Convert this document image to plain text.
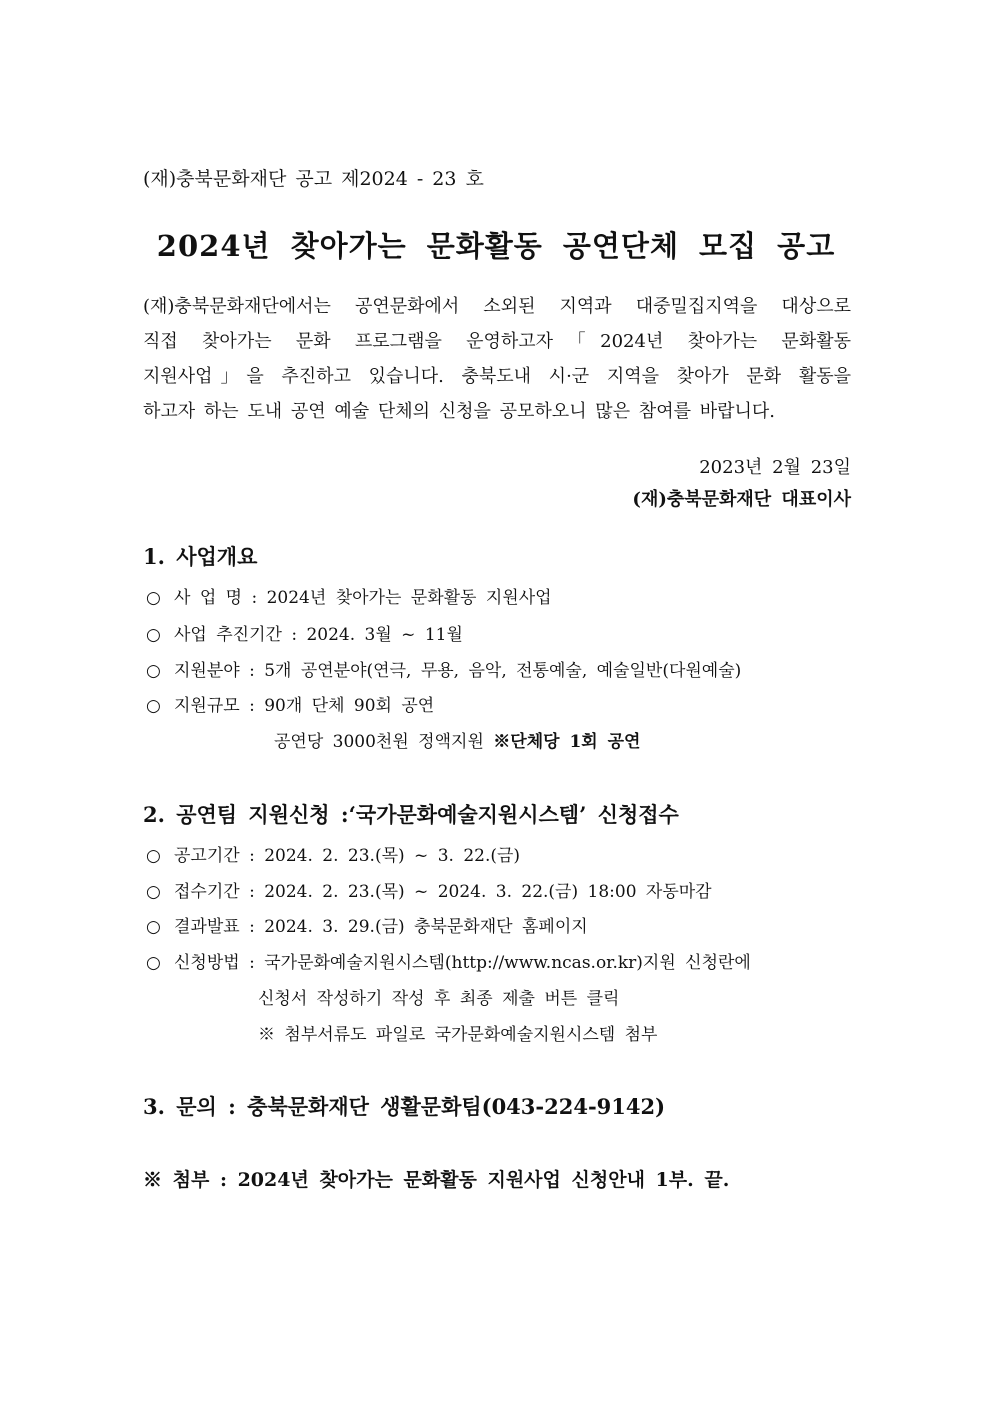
(재)충북문화재단 공고 제2024 - 23 호
2024년 찾아가는 문화활동 공연단체 모집 공고
(재)충북문화재단에서는 공연문화에서 소외된 지역과 대중밀집지역을 대상으로
직접 찾아가는 문화 프로그램을 운영하고자「2024년 찾아가는 문화활동
지원사업」을 추진하고 있습니다. 충북도내 시·군 지역을 찾아가 문화 활동을
하고자 하는 도내 공연 예술 단체의 신청을 공모하오니 많은 참여를 바랍니다.
2023년 2월 23일
(재)충북문화재단 대표이사
1. 사업개요
○ 사 업 명 : 2024년 찾아가는 문화활동 지원사업
○ 사업 추진기간 : 2024. 3월 ~ 11월
○ 지원분야 : 5개 공연분야(연극, 무용, 음악, 전통예술, 예술일반(다원예술)
○ 지원규모 : 90개 단체 90회 공연
공연당 3000천원 정액지원 ※단체당 1회 공연
2. 공연팀 지원신청 :‘국가문화예술지원시스템’ 신청접수
○ 공고기간 : 2024. 2. 23.(목) ~ 3. 22.(금)
○ 접수기간 : 2024. 2. 23.(목) ~ 2024. 3. 22.(금) 18:00 자동마감
○ 결과발표 : 2024. 3. 29.(금) 충북문화재단 홈페이지
○ 신청방법 : 국가문화예술지원시스템(http://www.ncas.or.kr)지원 신청란에
신청서 작성하기 작성 후 최종 제출 버튼 클릭
※ 첨부서류도 파일로 국가문화예술지원시스템 첨부
3. 문의 : 충북문화재단 생활문화팀(043-224-9142)
※ 첨부 : 2024년 찾아가는 문화활동 지원사업 신청안내 1부. 끝.
